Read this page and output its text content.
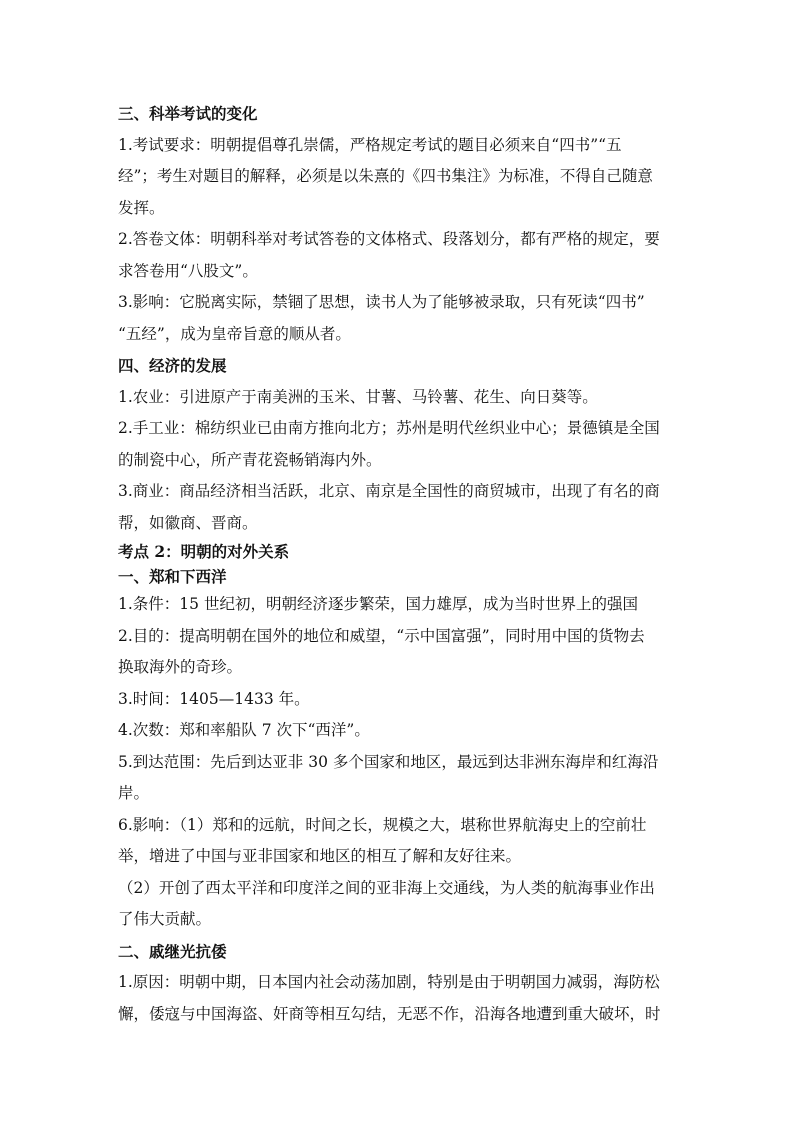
三、科举考试的变化

1.考试要求：明朝提倡尊孔崇儒，严格规定考试的题目必须来自“四书”“五

经”；考生对题目的解释，必须是以朱熹的《四书集注》为标准，不得自己随意

发挥。

2.答卷文体：明朝科举对考试答卷的文体格式、段落划分，都有严格的规定，要

求答卷用“八股文”。

3.影响：它脱离实际，禁锢了思想，读书人为了能够被录取，只有死读“四书”

“五经”，成为皇帝旨意的顺从者。

四、经济的发展

1.农业：引进原产于南美洲的玉米、甘薯、马铃薯、花生、向日葵等。

2.手工业：棉纺织业已由南方推向北方；苏州是明代丝织业中心；景德镇是全国

的制瓷中心，所产青花瓷畅销海内外。

3.商业：商品经济相当活跃，北京、南京是全国性的商贸城市，出现了有名的商

帮，如徽商、晋商。

考点 2：明朝的对外关系

一、郑和下西洋

1.条件：15 世纪初，明朝经济逐步繁荣，国力雄厚，成为当时世界上的强国

2.目的：提高明朝在国外的地位和威望，“示中国富强”，同时用中国的货物去

换取海外的奇珍。

3.时间：1405—1433 年。

4.次数：郑和率船队 7 次下“西洋”。

5.到达范围：先后到达亚非 30 多个国家和地区，最远到达非洲东海岸和红海沿

岸。

6.影响：（1）郑和的远航，时间之长，规模之大，堪称世界航海史上的空前壮

举，增进了中国与亚非国家和地区的相互了解和友好往来。

（2）开创了西太平洋和印度洋之间的亚非海上交通线，为人类的航海事业作出

了伟大贡献。

二、戚继光抗倭

1.原因：明朝中期，日本国内社会动荡加剧，特别是由于明朝国力减弱，海防松

懈，倭寇与中国海盗、奸商等相互勾结，无恶不作，沿海各地遭到重大破坏，时
